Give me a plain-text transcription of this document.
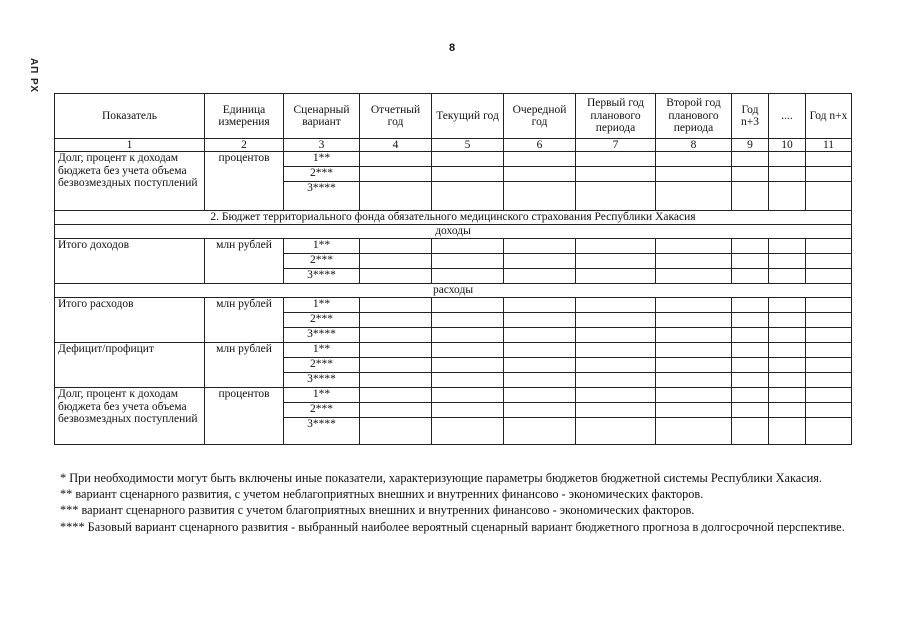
АП РХ
8
Показатель	Единица измерения	Сценарный вариант	Отчетный год	Текущий год	Очередной год	Первый год планового периода	Второй год планового периода	Год n+3	....	Год n+x
1	2	3	4	5	6	7	8	9	10	11
Долг, процент к доходам бюджета без учета объема безвозмездных поступлений	процентов	1**								
		2***								
		3****								
2. Бюджет территориального фонда обязательного медицинского страхования Республики Хакасия										
доходы										
Итого доходов	млн рублей	1**								
		2***								
		3****								
расходы										
Итого расходов	млн рублей	1**								
		2***								
		3****								
Дефицит/профицит	млн рублей	1**								
		2***								
		3****								
Долг, процент к доходам бюджета без учета объема безвозмездных поступлений	процентов	1**								
		2***								
		3****								

* При необходимости могут быть включены иные показатели, характеризующие параметры бюджетов бюджетной системы Республики Хакасия.

** вариант сценарного развития, с учетом неблагоприятных внешних и внутренних финансово - экономических факторов.

*** вариант сценарного развития с учетом благоприятных внешних и внутренних финансово - экономических факторов.

**** Базовый вариант сценарного развития - выбранный наиболее вероятный сценарный вариант бюджетного прогноза в долгосрочной перспективе.
